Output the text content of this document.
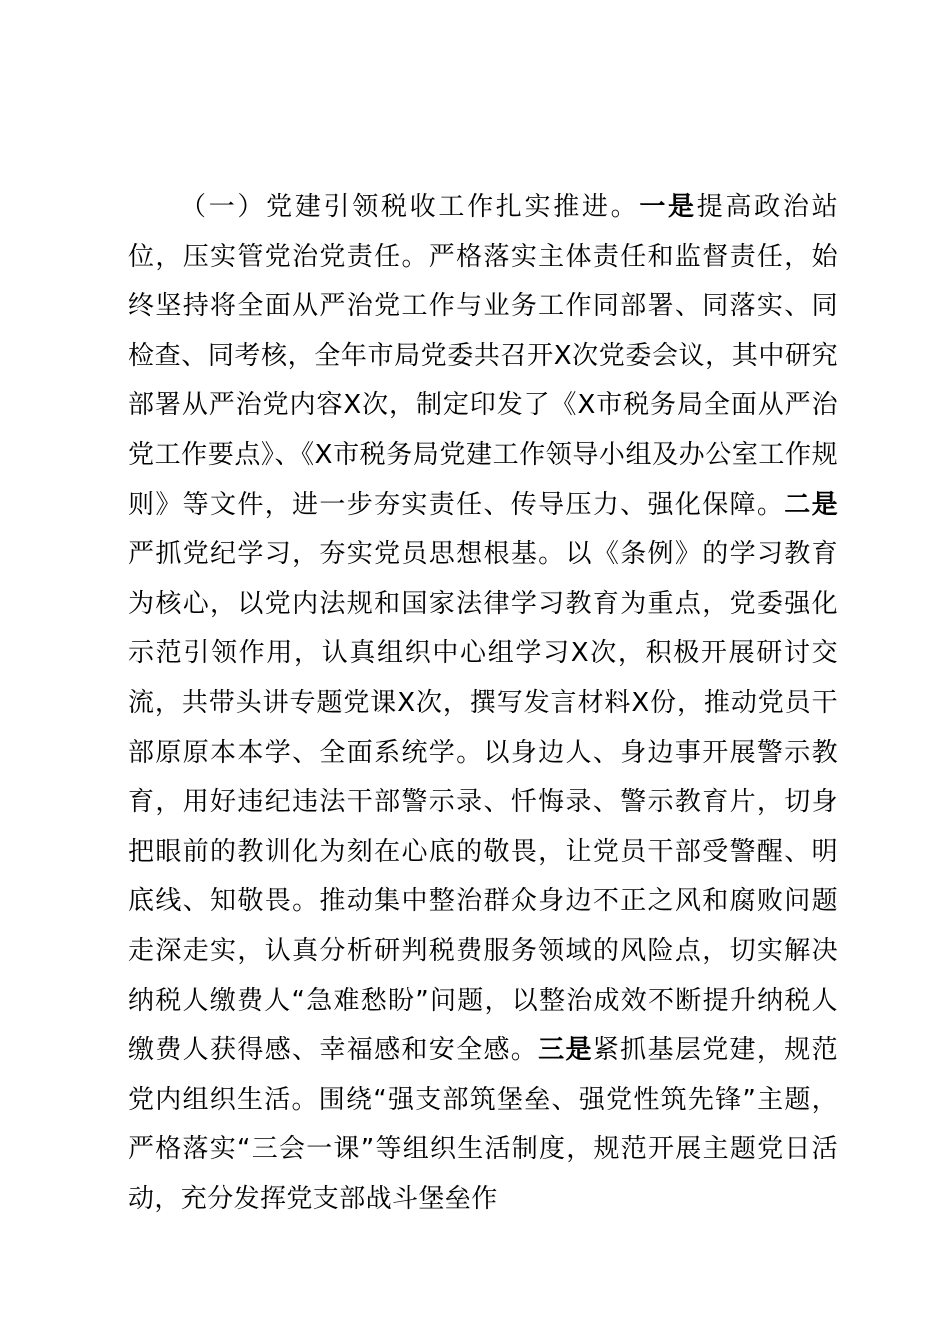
（一）党建引领税收工作扎实推进。一是提高政治站位，压实管党治党责任。严格落实主体责任和监督责任，始终坚持将全面从严治党工作与业务工作同部署、同落实、同检查、同考核，全年市局党委共召开X次党委会议，其中研究部署从严治党内容X次，制定印发了《X市税务局全面从严治党工作要点》、《X市税务局党建工作领导小组及办公室工作规则》等文件，进一步夯实责任、传导压力、强化保障。二是严抓党纪学习，夯实党员思想根基。以《条例》的学习教育为核心，以党内法规和国家法律学习教育为重点，党委强化示范引领作用，认真组织中心组学习X次，积极开展研讨交流，共带头讲专题党课X次，撰写发言材料X份，推动党员干部原原本本学、全面系统学。以身边人、身边事开展警示教育，用好违纪违法干部警示录、忏悔录、警示教育片，切身把眼前的教训化为刻在心底的敬畏，让党员干部受警醒、明底线、知敬畏。推动集中整治群众身边不正之风和腐败问题走深走实，认真分析研判税费服务领域的风险点，切实解决纳税人缴费人“急难愁盼”问题，以整治成效不断提升纳税人缴费人获得感、幸福感和安全感。三是紧抓基层党建，规范党内组织生活。围绕“强支部筑堡垒、强党性筑先锋”主题，严格落实“三会一课”等组织生活制度，规范开展主题党日活动，充分发挥党支部战斗堡垒作
